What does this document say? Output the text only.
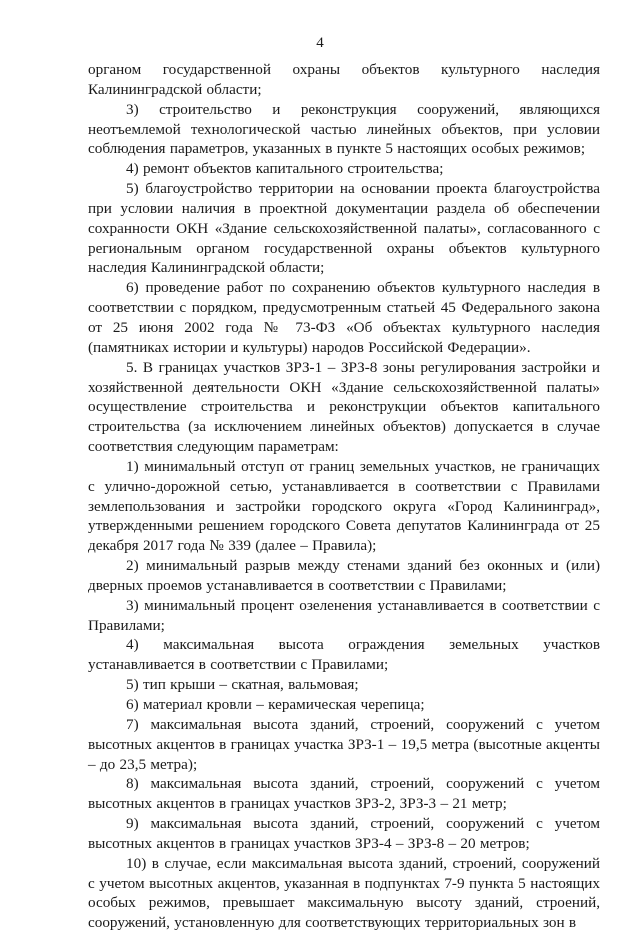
4

органом государственной охраны объектов культурного наследия Калининградской области;

3) строительство и реконструкция сооружений, являющихся неотъемлемой технологической частью линейных объектов, при условии соблюдения параметров, указанных в пункте 5 настоящих особых режимов;

4) ремонт объектов капитального строительства;

5) благоустройство территории на основании проекта благоустройства при условии наличия в проектной документации раздела об обеспечении сохранности ОКН «Здание сельскохозяйственной палаты», согласованного с региональным органом государственной охраны объектов культурного наследия Калининградской области;

6) проведение работ по сохранению объектов культурного наследия в соответствии с порядком, предусмотренным статьей 45 Федерального закона от 25 июня 2002 года № 73-ФЗ «Об объектах культурного наследия (памятниках истории и культуры) народов Российской Федерации».

5. В границах участков ЗРЗ-1 – ЗРЗ-8 зоны регулирования застройки и хозяйственной деятельности ОКН «Здание сельскохозяйственной палаты» осуществление строительства и реконструкции объектов капитального строительства (за исключением линейных объектов) допускается в случае соответствия следующим параметрам:

1) минимальный отступ от границ земельных участков, не граничащих с улично-дорожной сетью, устанавливается в соответствии с Правилами землепользования и застройки городского округа «Город Калининград», утвержденными решением городского Совета депутатов Калининграда от 25 декабря 2017 года № 339 (далее – Правила);

2) минимальный разрыв между стенами зданий без оконных и (или) дверных проемов устанавливается в соответствии с Правилами;

3) минимальный процент озеленения устанавливается в соответствии с Правилами;

4) максимальная высота ограждения земельных участков устанавливается в соответствии с Правилами;

5) тип крыши – скатная, вальмовая;

6) материал кровли – керамическая черепица;

7) максимальная высота зданий, строений, сооружений с учетом высотных акцентов в границах участка ЗРЗ-1 – 19,5 метра (высотные акценты – до 23,5 метра);

8) максимальная высота зданий, строений, сооружений с учетом высотных акцентов в границах участков ЗРЗ-2, ЗРЗ-3 – 21 метр;

9) максимальная высота зданий, строений, сооружений с учетом высотных акцентов в границах участков ЗРЗ-4 – ЗРЗ-8 – 20 метров;

10) в случае, если максимальная высота зданий, строений, сооружений с учетом высотных акцентов, указанная в подпунктах 7-9 пункта 5 настоящих особых режимов, превышает максимальную высоту зданий, строений, сооружений, установленную для соответствующих территориальных зон в
